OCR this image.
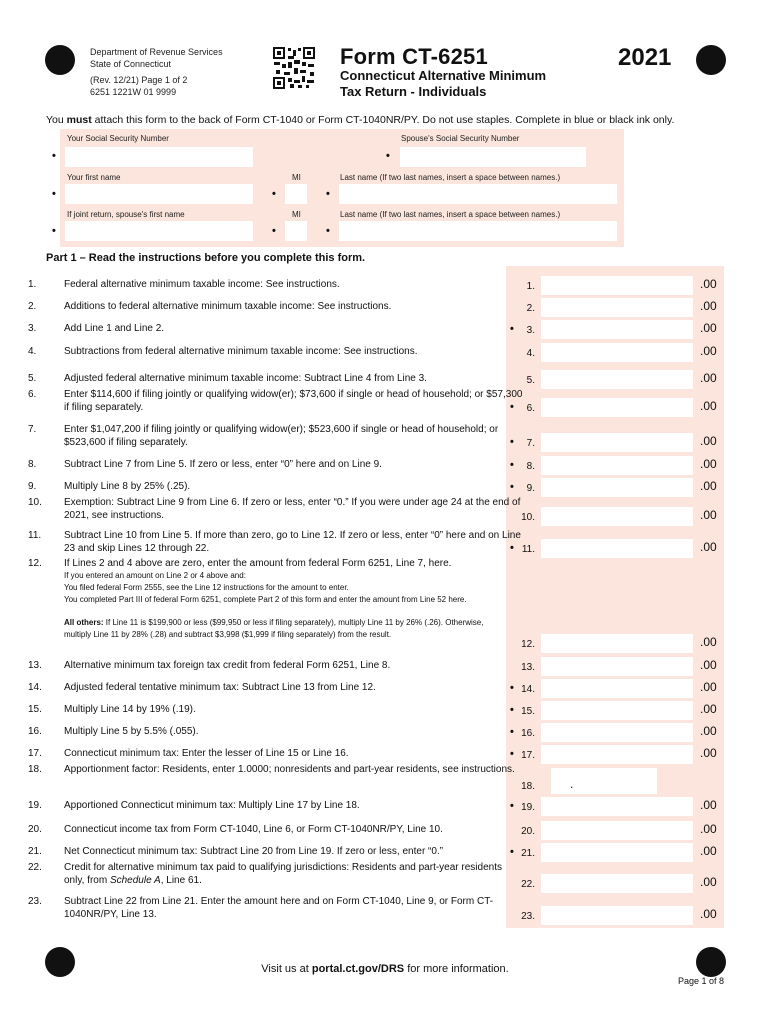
Department of Revenue Services
State of Connecticut
(Rev. 12/21) Page 1 of 2
6251 1221W 01 9999
Form CT-6251
Connecticut Alternative Minimum
Tax Return - Individuals
2021
You must attach this form to the back of Form CT-1040 or Form CT-1040NR/PY. Do not use staples. Complete in blue or black ink only.
Your Social Security Number	Spouse's Social Security Number
•	•
Your first name	MI	Last name (If two last names, insert a space between names.)
•	•	•
If joint return, spouse's first name	MI	Last name (If two last names, insert a space between names.)
•	•	•
Part 1 – Read the instructions before you complete this form.
1.	Federal alternative minimum taxable income: See instructions.	1.	.00
2.	Additions to federal alternative minimum taxable income: See instructions.	2.	.00
3.	Add Line 1 and Line 2.	•	3.	.00
4.	Subtractions from federal alternative minimum taxable income: See instructions.	4.	.00
5.	Adjusted federal alternative minimum taxable income: Subtract Line 4 from Line 3.	5.	.00
6.	Enter $114,600 if filing jointly or qualifying widow(er); $73,600 if single or head of household; or $57,300 if filing separately.	•	6.	.00
7.	Enter $1,047,200 if filing jointly or qualifying widow(er); $523,600 if single or head of household; or $523,600 if filing separately.	•	7.	.00
8.	Subtract Line 7 from Line 5. If zero or less, enter “0” here and on Line 9.	•	8.	.00
9.	Multiply Line 8 by 25% (.25).	•	9.	.00
10. Exemption: Subtract Line 9 from Line 6. If zero or less, enter “0.” If you were under age 24 at the end of 2021, see instructions.	10.	.00
11. Subtract Line 10 from Line 5. If more than zero, go to Line 12. If zero or less, enter “0” here and on Line 23 and skip Lines 12 through 22.	• 11.	.00
12. If Lines 2 and 4 above are zero, enter the amount from federal Form 6251, Line 7, here.
12.	.00
13. Alternative minimum tax foreign tax credit from federal Form 6251, Line 8.	13.	.00
14. Adjusted federal tentative minimum tax: Subtract Line 13 from Line 12.	• 14.	.00
15. Multiply Line 14 by 19% (.19).	• 15.	.00
16. Multiply Line 5 by 5.5% (.055).	• 16.	.00
17. Connecticut minimum tax: Enter the lesser of Line 15 or Line 16.	• 17.	.00
18. Apportionment factor: Residents, enter 1.0000; nonresidents and part-year residents, see instructions.
18.	.
19. Apportioned Connecticut minimum tax: Multiply Line 17 by Line 18.	• 19.	.00
20. Connecticut income tax from Form CT-1040, Line 6, or Form CT-1040NR/PY, Line 10.	20.	.00
21. Net Connecticut minimum tax: Subtract Line 20 from Line 19. If zero or less, enter “0.”	• 21.	.00
22. Credit for alternative minimum tax paid to qualifying jurisdictions: Residents and part-year residents only, from Schedule A, Line 61.	22.	.00
23. Subtract Line 22 from Line 21. Enter the amount here and on Form CT-1040, Line 9, or Form CT-1040NR/PY, Line 13.	23.	.00
If you entered an amount on Line 2 or 4 above and:
You filed federal Form 2555, see the Line 12 instructions for the amount to enter.
You completed Part III of federal Form 6251, complete Part 2 of this form and enter the amount from Line 52 here.
All others: If Line 11 is $199,900 or less ($99,950 or less if filing separately), multiply Line 11 by 26% (.26). Otherwise, multiply Line 11 by 28% (.28) and subtract $3,998 ($1,999 if filing separately) from the result.
Visit us at portal.ct.gov/DRS for more information.
Page 1 of 8
